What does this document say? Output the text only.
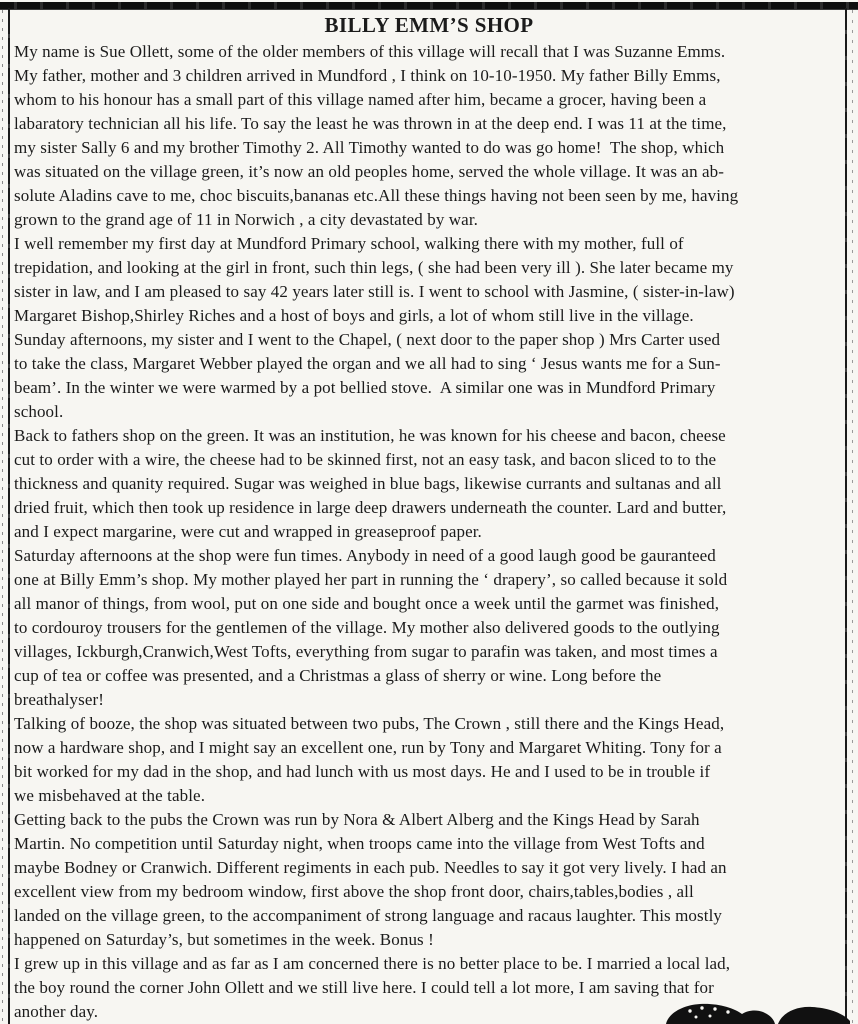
BILLY EMM’S SHOP
My name is Sue Ollett, some of the older members of this village will recall that I was Suzanne Emms.
My father, mother and 3 children arrived in Mundford , I think on 10-10-1950. My father Billy Emms,
whom to his honour has a small part of this village named after him, became a grocer, having been a
labaratory technician all his life. To say the least he was thrown in at the deep end. I was 11 at the time,
my sister Sally 6 and my brother Timothy 2. All Timothy wanted to do was go home!  The shop, which
was situated on the village green, it’s now an old peoples home, served the whole village. It was an ab-
solute Aladins cave to me, choc biscuits,bananas etc.All these things having not been seen by me, having
grown to the grand age of 11 in Norwich , a city devastated by war.
I well remember my first day at Mundford Primary school, walking there with my mother, full of
trepidation, and looking at the girl in front, such thin legs, ( she had been very ill ). She later became my
sister in law, and I am pleased to say 42 years later still is. I went to school with Jasmine, ( sister-in-law)
Margaret Bishop,Shirley Riches and a host of boys and girls, a lot of whom still live in the village.
Sunday afternoons, my sister and I went to the Chapel, ( next door to the paper shop ) Mrs Carter used
to take the class, Margaret Webber played the organ and we all had to sing ‘ Jesus wants me for a Sun-
beam’. In the winter we were warmed by a pot bellied stove.  A similar one was in Mundford Primary
school.
Back to fathers shop on the green. It was an institution, he was known for his cheese and bacon, cheese
cut to order with a wire, the cheese had to be skinned first, not an easy task, and bacon sliced to to the
thickness and quanity required. Sugar was weighed in blue bags, likewise currants and sultanas and all
dried fruit, which then took up residence in large deep drawers underneath the counter. Lard and butter,
and I expect margarine, were cut and wrapped in greaseproof paper.
Saturday afternoons at the shop were fun times. Anybody in need of a good laugh good be gauranteed
one at Billy Emm’s shop. My mother played her part in running the ‘ drapery’, so called because it sold
all manor of things, from wool, put on one side and bought once a week until the garmet was finished,
to cordouroy trousers for the gentlemen of the village. My mother also delivered goods to the outlying
villages, Ickburgh,Cranwich,West Tofts, everything from sugar to parafin was taken, and most times a
cup of tea or coffee was presented, and a Christmas a glass of sherry or wine. Long before the
breathalyser!
Talking of booze, the shop was situated between two pubs, The Crown , still there and the Kings Head,
now a hardware shop, and I might say an excellent one, run by Tony and Margaret Whiting. Tony for a
bit worked for my dad in the shop, and had lunch with us most days. He and I used to be in trouble if
we misbehaved at the table.
Getting back to the pubs the Crown was run by Nora & Albert Alberg and the Kings Head by Sarah
Martin. No competition until Saturday night, when troops came into the village from West Tofts and
maybe Bodney or Cranwich. Different regiments in each pub. Needles to say it got very lively. I had an
excellent view from my bedroom window, first above the shop front door, chairs,tables,bodies , all
landed on the village green, to the accompaniment of strong language and racaus laughter. This mostly
happened on Saturday’s, but sometimes in the week. Bonus !
I grew up in this village and as far as I am concerned there is no better place to be. I married a local lad,
the boy round the corner John Ollett and we still live here. I could tell a lot more, I am saving that for
another day.
